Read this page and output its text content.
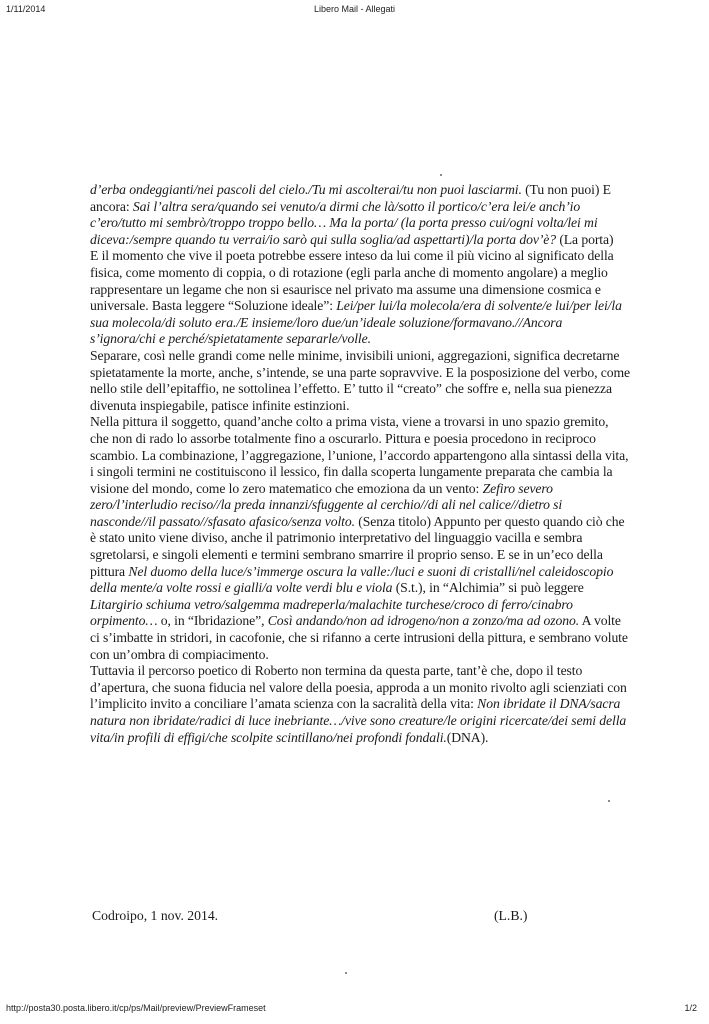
1/11/2014	Libero Mail - Allegati

d’erba ondeggianti/nei pascoli del cielo./Tu mi ascolterai/tu non puoi lasciarmi. (Tu non puoi) E ancora: Sai l’altra sera/quando sei venuto/a dirmi che là/sotto il portico/c’era lei/e anch’io c’ero/tutto mi sembrò/troppo troppo bello… Ma la porta/ (la porta presso cui/ogni volta/lei mi diceva:/sempre quando tu verrai/io sarò qui sulla soglia/ad aspettarti)/la porta dov’è? (La porta)

E il momento che vive il poeta potrebbe essere inteso da lui come il più vicino al significato della fisica, come momento di coppia, o di rotazione (egli parla anche di momento angolare) a meglio rappresentare un legame che non si esaurisce nel privato ma assume una dimensione cosmica e universale. Basta leggere “Soluzione ideale”: Lei/per lui/la molecola/era di solvente/e lui/per lei/la sua molecola/di soluto era./E insieme/loro due/un’ideale soluzione/formavano.//Ancora s’ignora/chi e perché/spietatamente separarle/volle.

Separare, così nelle grandi come nelle minime, invisibili unioni, aggregazioni, significa decretarne spietatamente la morte, anche, s’intende, se una parte sopravvive. E la posposizione del verbo, come nello stile dell’epitaffio, ne sottolinea l’effetto. E’ tutto il “creato” che soffre e, nella sua pienezza divenuta inspiegabile, patisce infinite estinzioni.

Nella pittura il soggetto, quand’anche colto a prima vista, viene a trovarsi in uno spazio gremito, che non di rado lo assorbe totalmente fino a oscurarlo. Pittura e poesia procedono in reciproco scambio. La combinazione, l’aggregazione, l’unione, l’accordo appartengono alla sintassi della vita, i singoli termini ne costituiscono il lessico, fin dalla scoperta lungamente preparata che cambia la visione del mondo, come lo zero matematico che emoziona da un vento: Zefiro severo zero/l’interludio reciso//la preda innanzi/sfuggente al cerchio//di ali nel calice//dietro si nasconde//il passato//sfasato afasico/senza volto. (Senza titolo) Appunto per questo quando ciò che è stato unito viene diviso, anche il patrimonio interpretativo del linguaggio vacilla e sembra sgretolarsi, e singoli elementi e termini sembrano smarrire il proprio senso. E se in un’eco della pittura Nel duomo della luce/s’immerge oscura la valle:/luci e suoni di cristalli/nel caleidoscopio della mente/a volte rossi e gialli/a volte verdi blu e viola (S.t.), in “Alchimia” si può leggere Litargirio schiuma vetro/salgemma madreperla/malachite turchese/croco di ferro/cinabro orpimento… o, in “Ibridazione”, Così andando/non ad idrogeno/non a zonzo/ma ad ozono. A volte ci s’imbatte in stridori, in cacofonie, che si rifanno a certe intrusioni della pittura, e sembrano volute con un’ombra di compiacimento.

Tuttavia il percorso poetico di Roberto non termina da questa parte, tant’è che, dopo il testo d’apertura, che suona fiducia nel valore della poesia, approda a un monito rivolto agli scienziati con l’implicito invito a conciliare l’amata scienza con la sacralità della vita: Non ibridate il DNA/sacra natura non ibridate/radici di luce inebriante…/vive sono creature/le origini ricercate/dei semi della vita/in profili di effigi/che scolpite scintillano/nei profondi fondali.(DNA).

Codroipo, 1 nov. 2014.	(L.B.)
http://posta30.posta.libero.it/cp/ps/Mail/preview/PreviewFrameset	1/2
